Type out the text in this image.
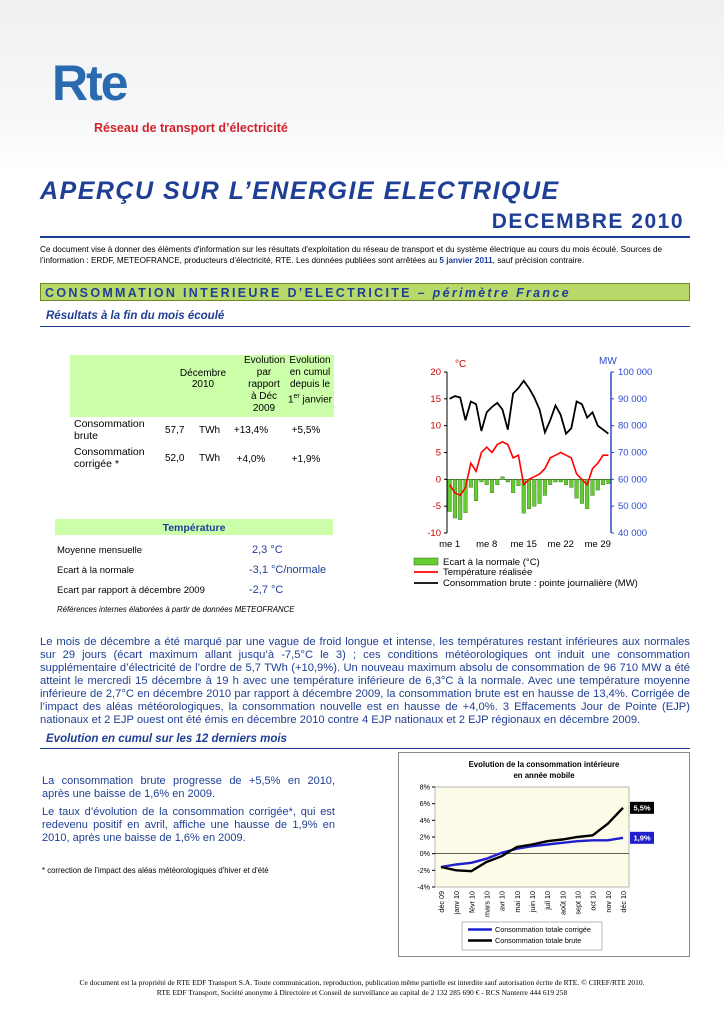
Rte
Réseau de transport d’électricité
APERÇU SUR L’ENERGIE ELECTRIQUE
DECEMBRE 2010
Ce document vise à donner des éléments d'information sur les résultats d'exploitation du réseau de transport et du système électrique au cours du mois écoulé. Sources de l’information : ERDF, METEOFRANCE, producteurs d’électricité, RTE. Les données publiées sont arrêtées au 5 janvier 2011, sauf précision contraire.
CONSOMMATION INTERIEURE D’ELECTRICITE – périmètre France
Résultats à la fin du mois écoulé
Décembre 2010
Evolution par rapport à Déc 2009
Evolution en cumul depuis le 1er janvier
Consommation brute	57,7 TWh +13,4%	+5,5%
Consommation corrigée *	52,0 TWh	+4,0%	+1,9%
Température
Moyenne mensuelle	2,3 °C
Ecart à la normale	-3,1 °C/normale
Ecart par rapport à décembre 2009	-2,7 °C
Références internes élaborées à partir de données METEOFRANCE
20
15
10
5
0
-5
-10
100 000
90 000
80 000
70 000
60 000
50 000
40 000
°C	MW
me 1 me 8 me 15 me 22 me 29
Ecart à la normale (°C)
Température réalisée
Consommation brute : pointe journalière (MW)
Le mois de décembre a été marqué par une vague de froid longue et intense, les températures restant inférieures aux normales sur 29 jours (écart maximum allant jusqu’à -7,5°C le 3) ; ces conditions météorologiques ont induit une consommation supplémentaire d’électricité de l’ordre de 5,7 TWh (+10,9%). Un nouveau maximum absolu de consommation de 96 710 MW a été atteint le mercredi 15 décembre à 19 h avec une température inférieure de 6,3°C à la normale. Avec une température moyenne inférieure de 2,7°C en décembre 2010 par rapport à décembre 2009, la consommation brute est en hausse de 13,4%. Corrigée de l’impact des aléas météorologiques, la consommation nouvelle est en hausse de +4,0%. 3 Effacements Jour de Pointe (EJP) nationaux et 2 EJP ouest ont été émis en décembre 2010 contre 4 EJP nationaux et 2 EJP régionaux en décembre 2009.
Evolution en cumul sur les 12 derniers mois
La consommation brute progresse de +5,5% en 2010, après une baisse de 1,6% en 2009.
Le taux d’évolution de la consommation corrigée*, qui est redevenu positif en avril, affiche une hausse de 1,9% en 2010, après une baisse de 1,6% en 2009.
* correction de l’impact des aléas météorologiques d'hiver et d'été
Evolution de la consommation intérieure
en année mobile
8%
6%
4%
2%
0%
-2%
-4%
déc 09 janv 10 févr 10 mars 10 avr 10 mai 10 juin 10 juil 10 août 10 sept 10 oct 10 nov 10 déc 10
1,9%
5,5%
Consommation totale corrigée
Consommation totale brute
Ce document est la propriété de RTE EDF Transport S.A. Toute communication, reproduction, publication même partielle est interdite sauf autorisation écrite de RTE. © CIREF/RTE 2010.
RTE EDF Transport, Société anonyme à Directoire et Conseil de surveillance au capital de 2 132 285 690 € - RCS Nanterre 444 619 258
